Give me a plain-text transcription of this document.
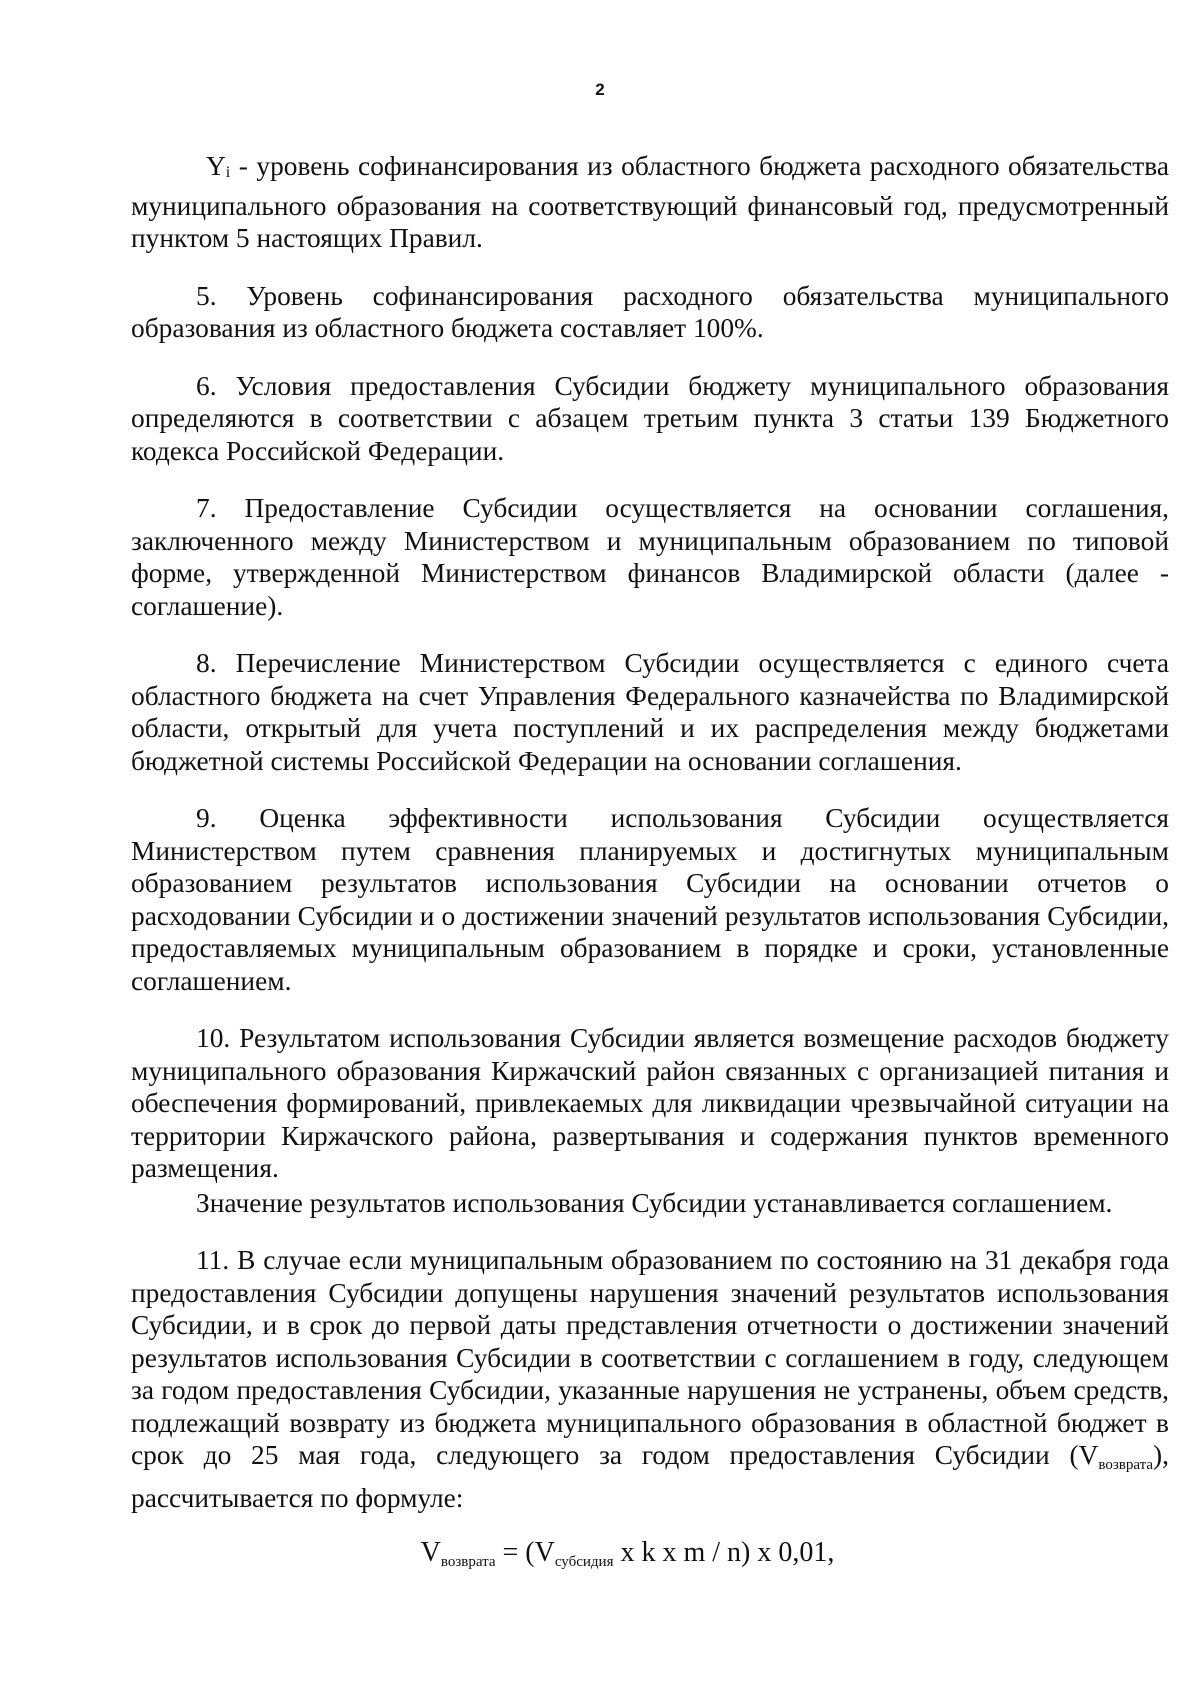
2

Yi - уровень софинансирования из областного бюджета расходного обязательства муниципального образования на соответствующий финансовый год, предусмотренный пунктом 5 настоящих Правил.

5. Уровень софинансирования расходного обязательства муниципального образования из областного бюджета составляет 100%.

6. Условия предоставления Субсидии бюджету муниципального образования определяются в соответствии с абзацем третьим пункта 3 статьи 139 Бюджетного кодекса Российской Федерации.

7. Предоставление Субсидии осуществляется на основании соглашения, заключенного между Министерством и муниципальным образованием по типовой форме, утвержденной Министерством финансов Владимирской области (далее - соглашение).

8. Перечисление Министерством Субсидии осуществляется с единого счета областного бюджета на счет Управления Федерального казначейства по Владимирской области, открытый для учета поступлений и их распределения между бюджетами бюджетной системы Российской Федерации на основании соглашения.

9. Оценка эффективности использования Субсидии осуществляется Министерством путем сравнения планируемых и достигнутых муниципальным образованием результатов использования Субсидии на основании отчетов о расходовании Субсидии и о достижении значений результатов использования Субсидии, предоставляемых муниципальным образованием в порядке и сроки, установленные соглашением.

10. Результатом использования Субсидии является возмещение расходов бюджету муниципального образования Киржачский район связанных с организацией питания и обеспечения формирований, привлекаемых для ликвидации чрезвычайной ситуации на территории Киржачского района, развертывания и содержания пунктов временного размещения.

Значение результатов использования Субсидии устанавливается соглашением.

11. В случае если муниципальным образованием по состоянию на 31 декабря года предоставления Субсидии допущены нарушения значений результатов использования Субсидии, и в срок до первой даты представления отчетности о достижении значений результатов использования Субсидии в соответствии с соглашением в году, следующем за годом предоставления Субсидии, указанные нарушения не устранены, объем средств, подлежащий возврату из бюджета муниципального образования в областной бюджет в срок до 25 мая года, следующего за годом предоставления Субсидии $(V_{возврата})$, рассчитывается по формуле:

$V_{возврата} = (V_{субсидия}$ x k x m / n) x 0,01,
